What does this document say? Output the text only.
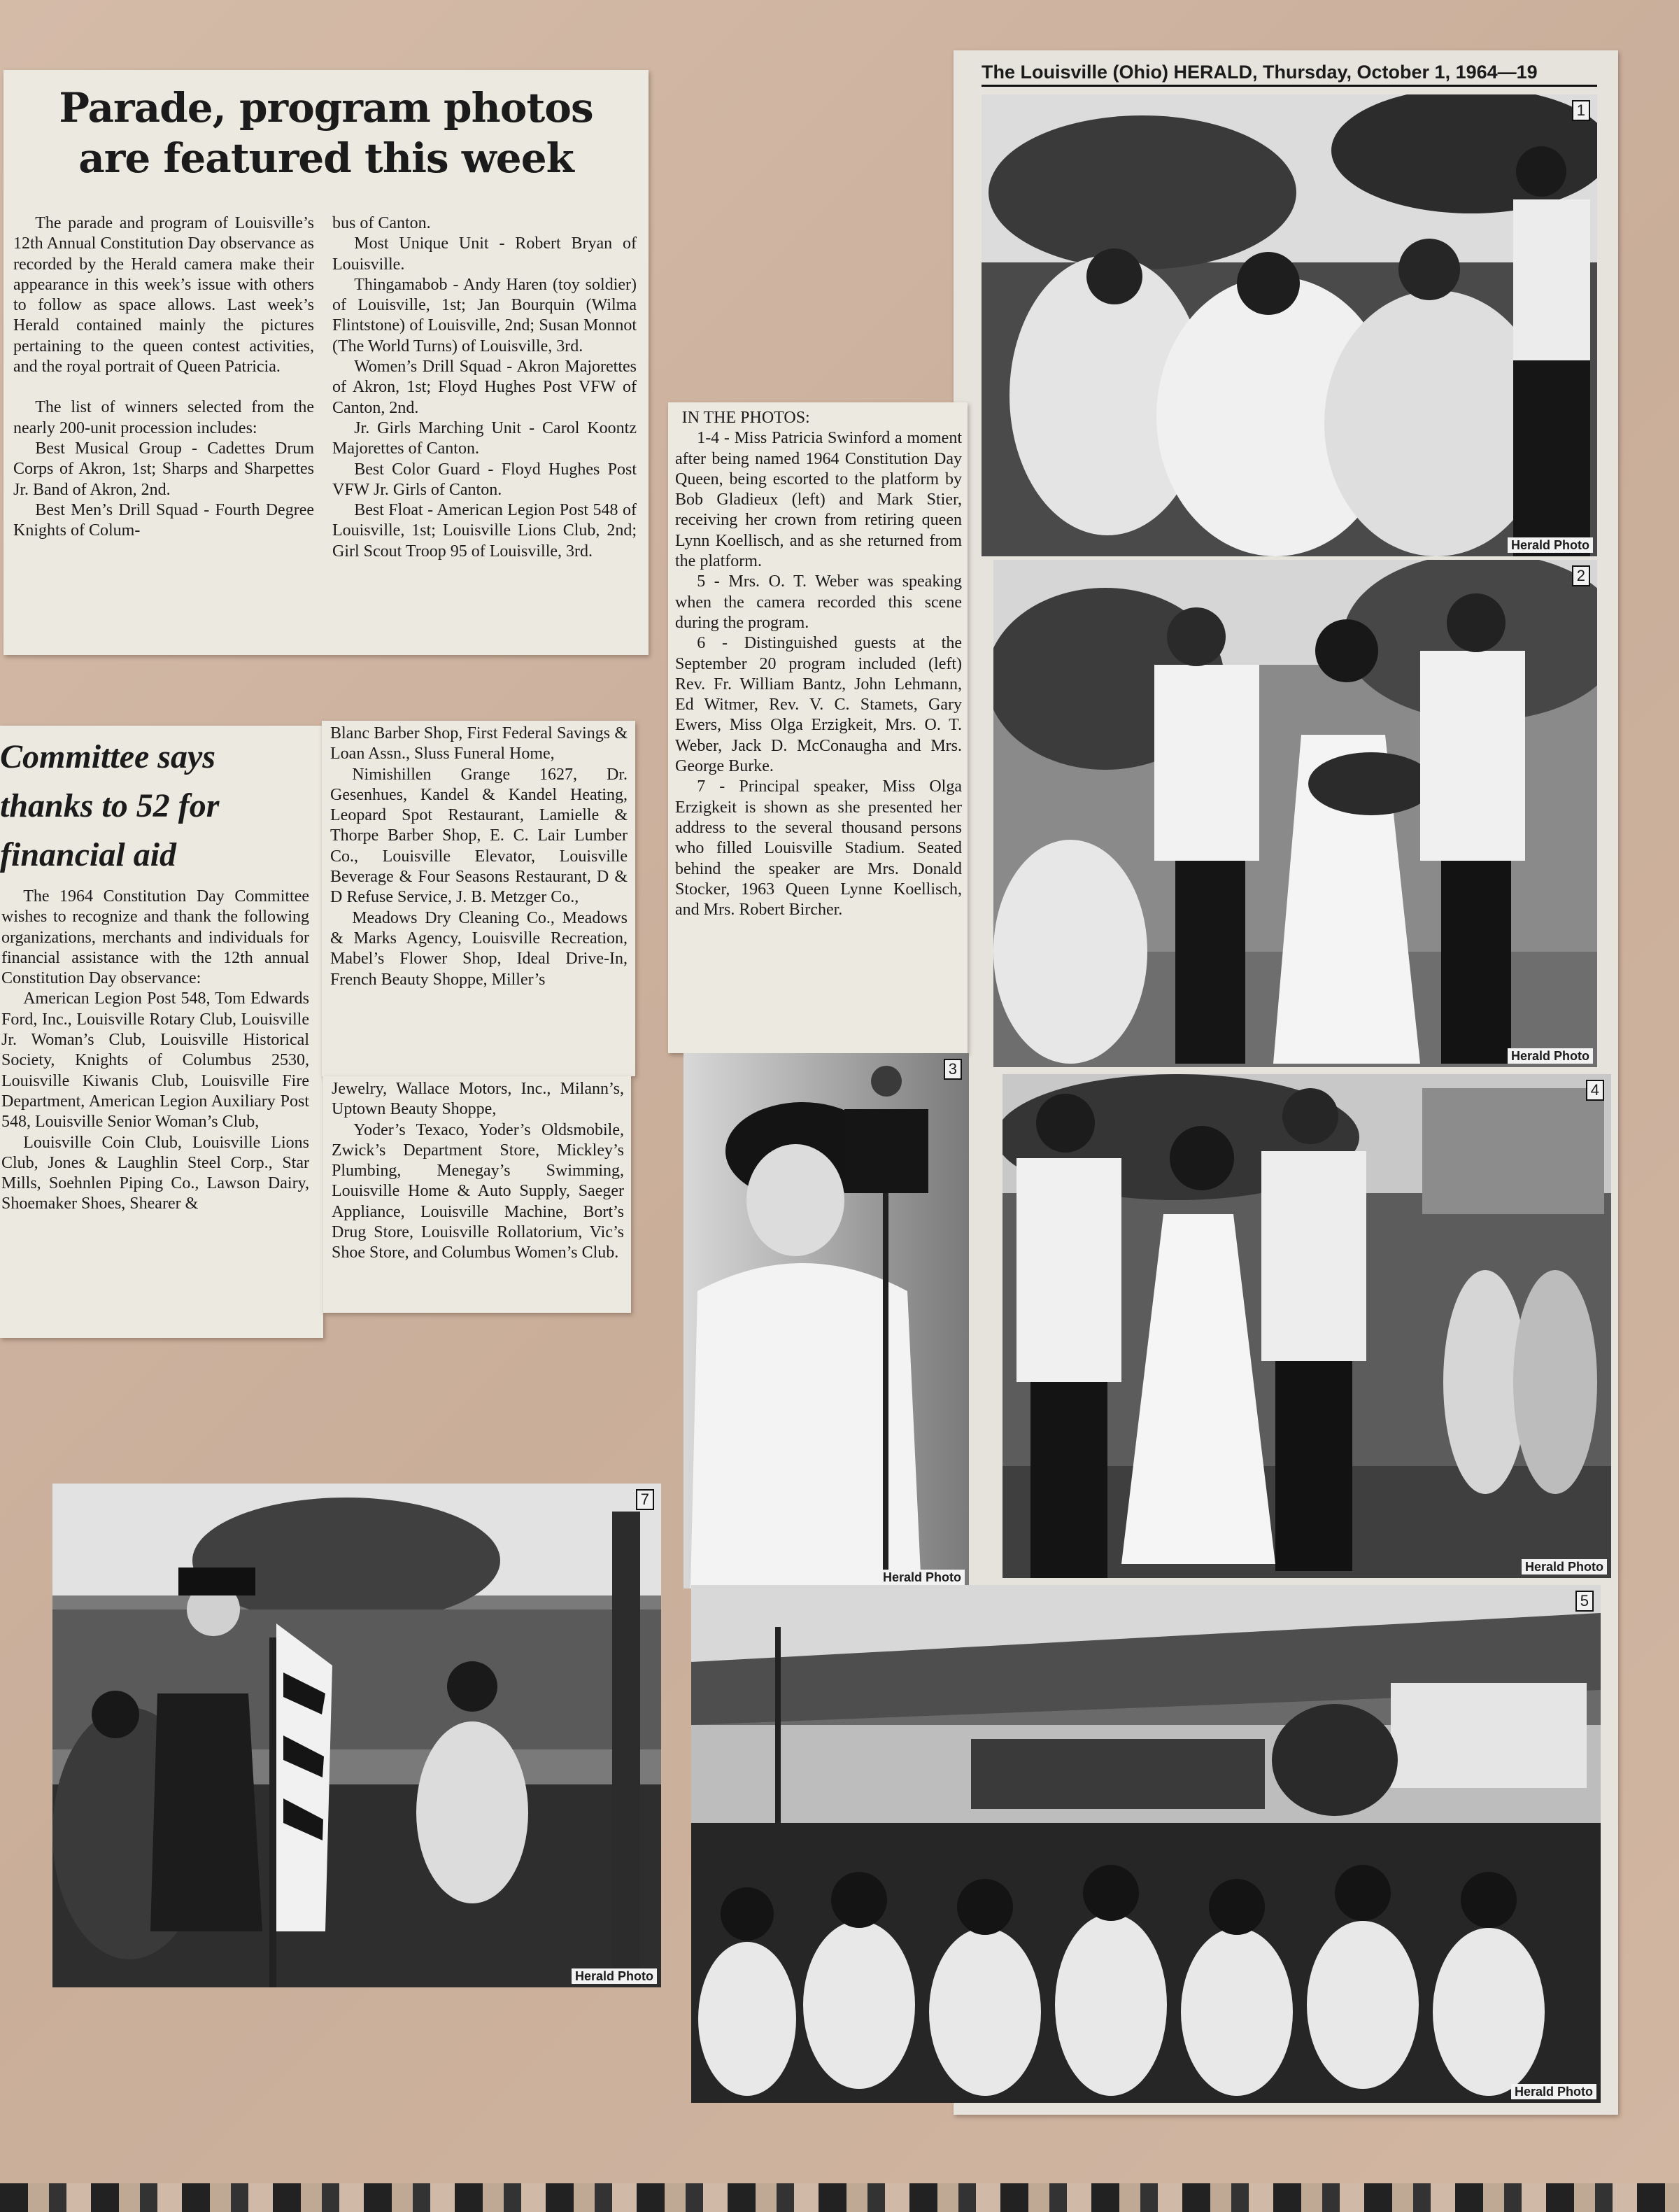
Parade, program photos
are featured this week

The parade and program of Louisville’s 12th Annual Constitution Day observance as recorded by the Herald camera make their appearance in this week’s issue with others to follow as space allows. Last week’s Herald contained mainly the pictures pertaining to the queen contest activities, and the royal portrait of Queen Patricia.

The list of winners selected from the nearly 200-unit procession includes:

Best Musical Group - Cadettes Drum Corps of Akron, 1st; Sharps and Sharpettes Jr. Band of Akron, 2nd.

Best Men’s Drill Squad - Fourth Degree Knights of Colum-

bus of Canton.

Most Unique Unit - Robert Bryan of Louisville.

Thingamabob - Andy Haren (toy soldier) of Louisville, 1st; Jan Bourquin (Wilma Flintstone) of Louisville, 2nd; Susan Monnot (The World Turns) of Louisville, 3rd.

Women’s Drill Squad - Akron Majorettes of Akron, 1st; Floyd Hughes Post VFW of Canton, 2nd.

Jr. Girls Marching Unit - Carol Koontz Majorettes of Canton.

Best Color Guard - Floyd Hughes Post VFW Jr. Girls of Canton.

Best Float - American Legion Post 548 of Louisville, 1st; Louisville Lions Club, 2nd; Girl Scout Troop 95 of Louisville, 3rd.

Committee says
thanks to 52 for
financial aid

The 1964 Constitution Day Committee wishes to recognize and thank the following organizations, merchants and individuals for financial assistance with the 12th annual Constitution Day observance:

American Legion Post 548, Tom Edwards Ford, Inc., Louisville Rotary Club, Louisville Jr. Woman’s Club, Louisville Historical Society, Knights of Columbus 2530, Louisville Kiwanis Club, Louisville Fire Department, American Legion Auxiliary Post 548, Louisville Senior Woman’s Club,

Louisville Coin Club, Louisville Lions Club, Jones & Laughlin Steel Corp., Star Mills, Soehnlen Piping Co., Lawson Dairy, Shoemaker Shoes, Shearer &

Blanc Barber Shop, First Federal Savings & Loan Assn., Sluss Funeral Home,

Nimishillen Grange 1627, Dr. Gesenhues, Kandel & Kandel Heating, Leopard Spot Restaurant, Lamielle & Thorpe Barber Shop, E. C. Lair Lumber Co., Louisville Elevator, Louisville Beverage & Four Seasons Restaurant, D & D Refuse Service, J. B. Metzger Co.,

Meadows Dry Cleaning Co., Meadows & Marks Agency, Louisville Recreation, Mabel’s Flower Shop, Ideal Drive-In, French Beauty Shoppe, Miller’s

Jewelry, Wallace Motors, Inc., Milann’s, Uptown Beauty Shoppe,

Yoder’s Texaco, Yoder’s Oldsmobile, Zwick’s Department Store, Mickley’s Plumbing, Menegay’s Swimming, Louisville Home & Auto Supply, Saeger Appliance, Louisville Machine, Bort’s Drug Store, Louisville Rollatorium, Vic’s Shoe Store, and Columbus Women’s Club.

The Louisville (Ohio) HERALD, Thursday, October 1, 1964—19

IN THE PHOTOS:

1-4 - Miss Patricia Swinford a moment after being named 1964 Constitution Day Queen, being escorted to the platform by Bob Gladieux (left) and Mark Stier, receiving her crown from retiring queen Lynn Koellisch, and as she returned from the platform.

5 - Mrs. O. T. Weber was speaking when the camera recorded this scene during the program.

6 - Distinguished guests at the September 20 program included (left) Rev. Fr. William Bantz, John Lehmann, Ed Witmer, Rev. V. C. Stamets, Gary Ewers, Miss Olga Erzigkeit, Mrs. O. T. Weber, Jack D. McConaugha and Mrs. George Burke.

7 - Principal speaker, Miss Olga Erzigkeit is shown as she presented her address to the several thousand persons who filled Louisville Stadium. Seated behind the speaker are Mrs. Donald Stocker, 1963 Queen Lynne Koellisch, and Mrs. Robert Bircher.

1
Herald Photo
2
Herald Photo
3
Herald Photo
4
Herald Photo
5
Herald Photo
7
Herald Photo
